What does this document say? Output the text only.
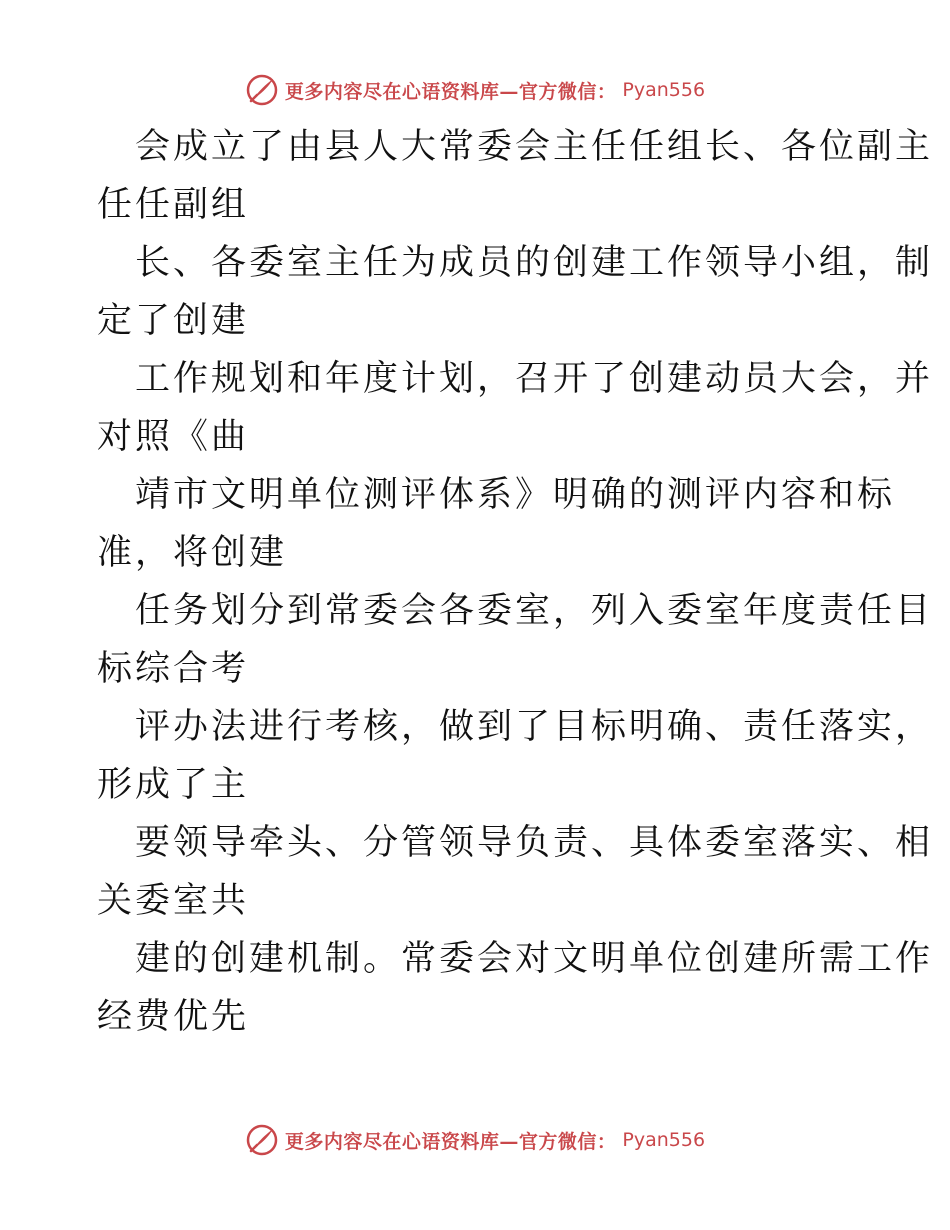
更多内容尽在心语资料库—官方微信： Pyan556
会成立了由县人大常委会主任任组长、各位副主
任任副组
长、各委室主任为成员的创建工作领导小组，制
定了创建
工作规划和年度计划，召开了创建动员大会，并
对照《曲
靖市文明单位测评体系》明确的测评内容和标
准，将创建
任务划分到常委会各委室，列入委室年度责任目
标综合考
评办法进行考核，做到了目标明确、责任落实，
形成了主
要领导牵头、分管领导负责、具体委室落实、相
关委室共
建的创建机制。常委会对文明单位创建所需工作
经费优先
更多内容尽在心语资料库—官方微信： Pyan556
